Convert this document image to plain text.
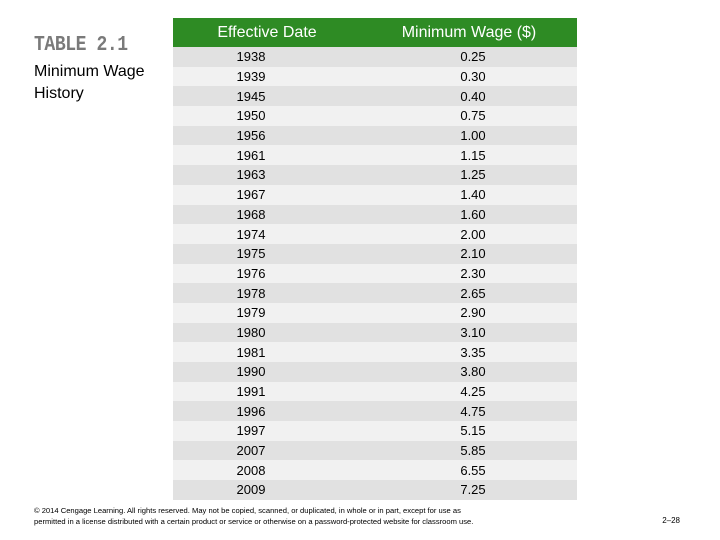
TABLE 2.1
Minimum Wage History
Effective Date	Minimum Wage ($)
1938	0.25
1939	0.30
1945	0.40
1950	0.75
1956	1.00
1961	1.15
1963	1.25
1967	1.40
1968	1.60
1974	2.00
1975	2.10
1976	2.30
1978	2.65
1979	2.90
1980	3.10
1981	3.35
1990	3.80
1991	4.25
1996	4.75
1997	5.15
2007	5.85
2008	6.55
2009	7.25
© 2014 Cengage Learning. All rights reserved. May not be copied, scanned, or duplicated, in whole or in part, except for use as
permitted in a license distributed with a certain product or service or otherwise on a password-protected website for classroom use.	2–28
